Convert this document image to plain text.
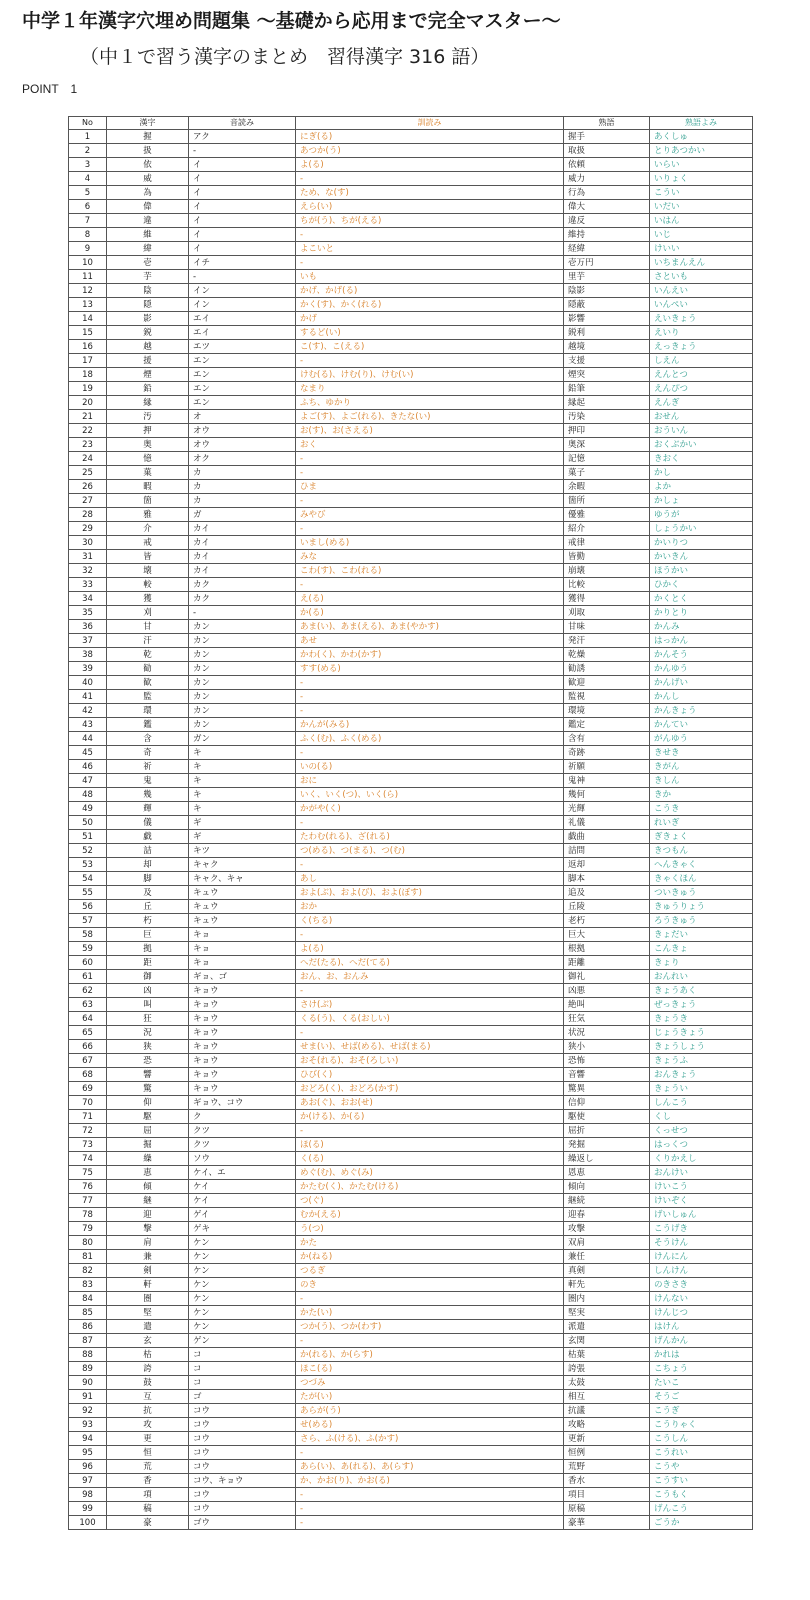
中学１年漢字穴埋め問題集 〜基礎から応用まで完全マスター〜
（中１で習う漢字のまとめ　習得漢字 316 語）
POINT　1
No	漢字	音読み	訓読み	熟語	熟語よみ
1	握	アク	にぎ(る)	握手	あくしゅ
2	扱	-	あつか(う)	取扱	とりあつかい
3	依	イ	よ(る)	依頼	いらい
4	威	イ	-	威力	いりょく
5	為	イ	ため、な(す)	行為	こうい
6	偉	イ	えら(い)	偉大	いだい
7	違	イ	ちが(う)、ちが(える)	違反	いはん
8	維	イ	-	維持	いじ
9	緯	イ	よこいと	経緯	けいい
10	壱	イチ	-	壱万円	いちまんえん
11	芋	-	いも	里芋	さといも
12	陰	イン	かげ、かげ(る)	陰影	いんえい
13	隠	イン	かく(す)、かく(れる)	隠蔽	いんぺい
14	影	エイ	かげ	影響	えいきょう
15	鋭	エイ	するど(い)	鋭利	えいり
16	越	エツ	こ(す)、こ(える)	越境	えっきょう
17	援	エン	-	支援	しえん
18	煙	エン	けむ(る)、けむ(り)、けむ(い)	煙突	えんとつ
19	鉛	エン	なまり	鉛筆	えんぴつ
20	縁	エン	ふち、ゆかり	縁起	えんぎ
21	汚	オ	よご(す)、よご(れる)、きたな(い)	汚染	おせん
22	押	オウ	お(す)、お(さえる)	押印	おういん
23	奥	オウ	おく	奥深	おくぶかい
24	憶	オク	-	記憶	きおく
25	菓	カ	-	菓子	かし
26	暇	カ	ひま	余暇	よか
27	箇	カ	-	箇所	かしょ
28	雅	ガ	みやび	優雅	ゆうが
29	介	カイ	-	紹介	しょうかい
30	戒	カイ	いまし(める)	戒律	かいりつ
31	皆	カイ	みな	皆勤	かいきん
32	壊	カイ	こわ(す)、こわ(れる)	崩壊	ほうかい
33	較	カク	-	比較	ひかく
34	獲	カク	え(る)	獲得	かくとく
35	刈	-	か(る)	刈取	かりとり
36	甘	カン	あま(い)、あま(える)、あま(やかす)	甘味	かんみ
37	汗	カン	あせ	発汗	はっかん
38	乾	カン	かわ(く)、かわ(かす)	乾燥	かんそう
39	勧	カン	すす(める)	勧誘	かんゆう
40	歓	カン	-	歓迎	かんげい
41	監	カン	-	監視	かんし
42	環	カン	-	環境	かんきょう
43	鑑	カン	かんが(みる)	鑑定	かんてい
44	含	ガン	ふく(む)、ふく(める)	含有	がんゆう
45	奇	キ	-	奇跡	きせき
46	祈	キ	いの(る)	祈願	きがん
47	鬼	キ	おに	鬼神	きしん
48	幾	キ	いく、いく(つ)、いく(ら)	幾何	きか
49	輝	キ	かがや(く)	光輝	こうき
50	儀	ギ	-	礼儀	れいぎ
51	戯	ギ	たわむ(れる)、ざ(れる)	戯曲	ぎきょく
52	詰	キツ	つ(める)、つ(まる)、つ(む)	詰問	きつもん
53	却	キャク	-	返却	へんきゃく
54	脚	キャク、キャ	あし	脚本	きゃくほん
55	及	キュウ	およ(ぶ)、およ(び)、およ(ぼす)	追及	ついきゅう
56	丘	キュウ	おか	丘陵	きゅうりょう
57	朽	キュウ	く(ちる)	老朽	ろうきゅう
58	巨	キョ	-	巨大	きょだい
59	拠	キョ	よ(る)	根拠	こんきょ
60	距	キョ	へだ(たる)、へだ(てる)	距離	きょり
61	御	ギョ、ゴ	おん、お、おんみ	御礼	おんれい
62	凶	キョウ	-	凶悪	きょうあく
63	叫	キョウ	さけ(ぶ)	絶叫	ぜっきょう
64	狂	キョウ	くる(う)、くる(おしい)	狂気	きょうき
65	況	キョウ	-	状況	じょうきょう
66	狭	キョウ	せま(い)、せば(める)、せば(まる)	狭小	きょうしょう
67	恐	キョウ	おそ(れる)、おそ(ろしい)	恐怖	きょうふ
68	響	キョウ	ひび(く)	音響	おんきょう
69	驚	キョウ	おどろ(く)、おどろ(かす)	驚異	きょうい
70	仰	ギョウ、コウ	あお(ぐ)、おお(せ)	信仰	しんこう
71	駆	ク	か(ける)、か(る)	駆使	くし
72	屈	クツ	-	屈折	くっせつ
73	掘	クツ	ほ(る)	発掘	はっくつ
74	繰	ソウ	く(る)	繰返し	くりかえし
75	恵	ケイ、エ	めぐ(む)、めぐ(み)	恩恵	おんけい
76	傾	ケイ	かたむ(く)、かたむ(ける)	傾向	けいこう
77	継	ケイ	つ(ぐ)	継続	けいぞく
78	迎	ゲイ	むか(える)	迎春	げいしゅん
79	撃	ゲキ	う(つ)	攻撃	こうげき
80	肩	ケン	かた	双肩	そうけん
81	兼	ケン	か(ねる)	兼任	けんにん
82	剣	ケン	つるぎ	真剣	しんけん
83	軒	ケン	のき	軒先	のきさき
84	圏	ケン	-	圏内	けんない
85	堅	ケン	かた(い)	堅実	けんじつ
86	遣	ケン	つか(う)、つか(わす)	派遣	はけん
87	玄	ゲン	-	玄関	げんかん
88	枯	コ	か(れる)、か(らす)	枯葉	かれは
89	誇	コ	ほこ(る)	誇張	こちょう
90	鼓	コ	つづみ	太鼓	たいこ
91	互	ゴ	たが(い)	相互	そうご
92	抗	コウ	あらが(う)	抗議	こうぎ
93	攻	コウ	せ(める)	攻略	こうりゃく
94	更	コウ	さら、ふ(ける)、ふ(かす)	更新	こうしん
95	恒	コウ	-	恒例	こうれい
96	荒	コウ	あら(い)、あ(れる)、あ(らす)	荒野	こうや
97	香	コウ、キョウ	か、かお(り)、かお(る)	香水	こうすい
98	項	コウ	-	項目	こうもく
99	稿	コウ	-	原稿	げんこう
100	豪	ゴウ	-	豪華	ごうか
